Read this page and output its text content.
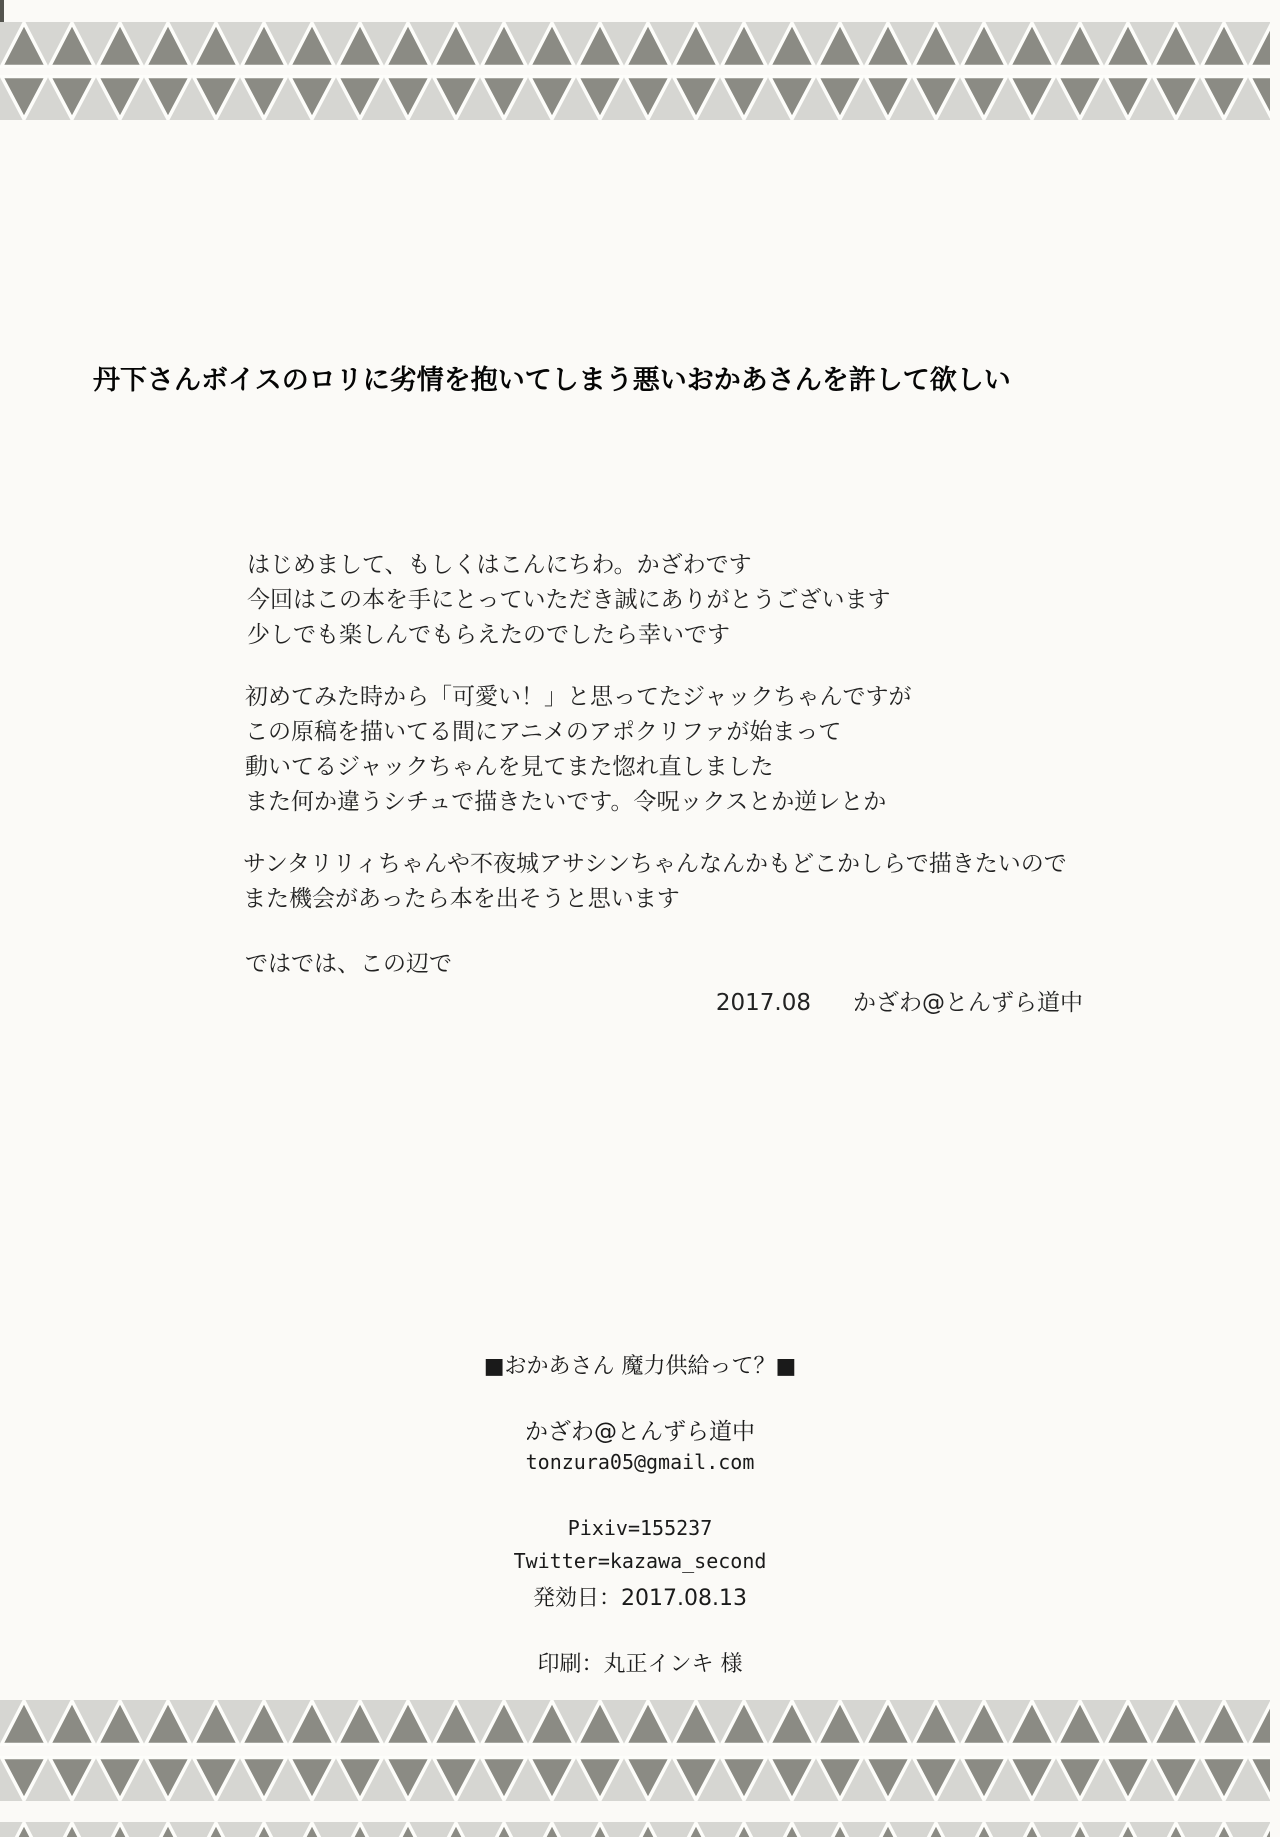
丹下さんボイスのロリに劣情を抱いてしまう悪いおかあさんを許して欲しい
はじめまして、もしくはこんにちわ。かざわです
今回はこの本を手にとっていただき誠にありがとうございます
少しでも楽しんでもらえたのでしたら幸いです
初めてみた時から「可愛い！」と思ってたジャックちゃんですが
この原稿を描いてる間にアニメのアポクリファが始まって
動いてるジャックちゃんを見てまた惚れ直しました
また何か違うシチュで描きたいです。令呪ックスとか逆レとか
サンタリリィちゃんや不夜城アサシンちゃんなんかもどこかしらで描きたいので
また機会があったら本を出そうと思います
ではでは、この辺で
2017.08 かざわ@とんずら道中
■おかあさん 魔力供給って？■
かざわ@とんずら道中
tonzura05@gmail.com
Pixiv=155237
Twitter=kazawa_second
発効日：2017.08.13
印刷：丸正インキ 様
